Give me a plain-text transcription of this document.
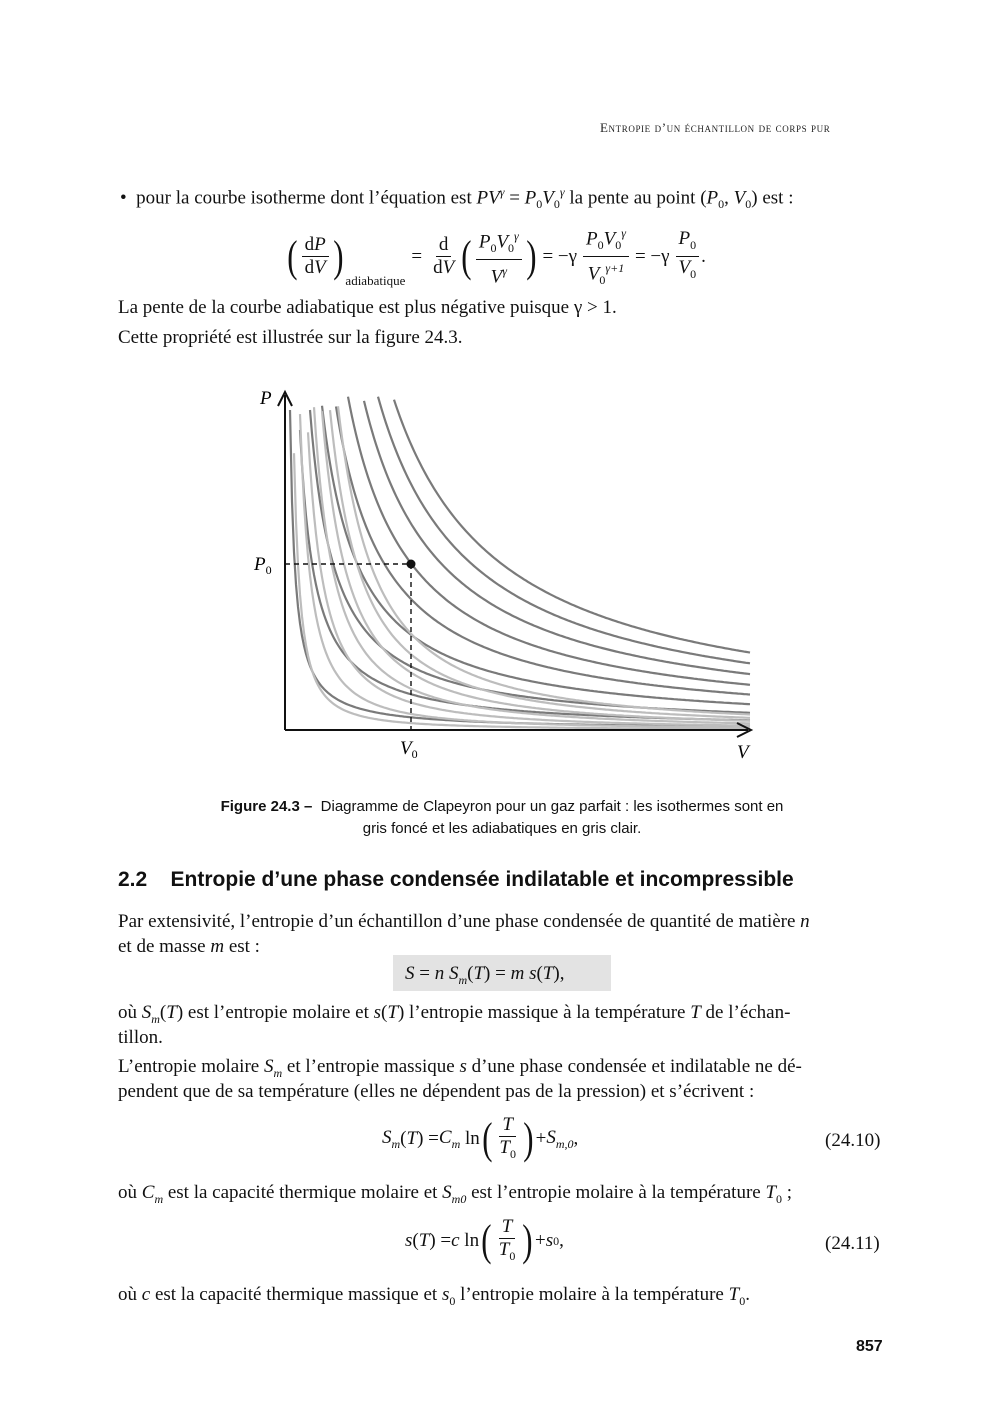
Entropie d’un échantillon de corps pur
• pour la courbe isotherme dont l’équation est $PV^\gamma = P_0V_0^\gamma$ la pente au point ($P_0$, $V_0$) est :
( $\frac{dP}{dV}$ )
adiabatique
= $\frac{d}{dV}$ ( $\frac{P_0V_0^\gamma}{V^\gamma}$ ) = $-\gamma \frac{P_0V_0^\gamma}{V_0^{\gamma+1}} = -\gamma \frac{P_0}{V_0}$ .
La pente de la courbe adiabatique est plus négative puisque γ > 1.
Cette propriété est illustrée sur la figure 24.3.
P
V
$P_0$
$V_0$
Figure 24.3 – Diagramme de Clapeyron pour un gaz parfait : les isothermes sont en
gris foncé et les adiabatiques en gris clair.
2.2 Entropie d’une phase condensée indilatable et incompressible
Par extensivité, l’entropie d’un échantillon d’une phase condensée de quantité de matière n
et de masse m est :
S = n $S_m(T) = m$ s(T),
où $S_m(T)$ est l’entropie molaire et s(T) l’entropie massique à la température T de l’échan-
tillon.
L’entropie molaire $S_m$ et l’entropie massique s d’une phase condensée et indilatable ne dé-
pendent que de sa température (elles ne dépendent pas de la pression) et s’écrivent :
$S_m$ ( T ) = $C_m$ ln ( $\frac{T}{T_0}$ ) + $S_{m,0}$ ,	(24.10)
où $C_m$ est la capacité thermique molaire et $S_{m0}$ est l’entropie molaire à la température $T_0$ ;
s ( T ) = c ln ( $\frac{T}{T_0}$ ) + s 0 ,	(24.11)
où c est la capacité thermique massique et $s_0$ l’entropie molaire à la température $T_0$.
857
